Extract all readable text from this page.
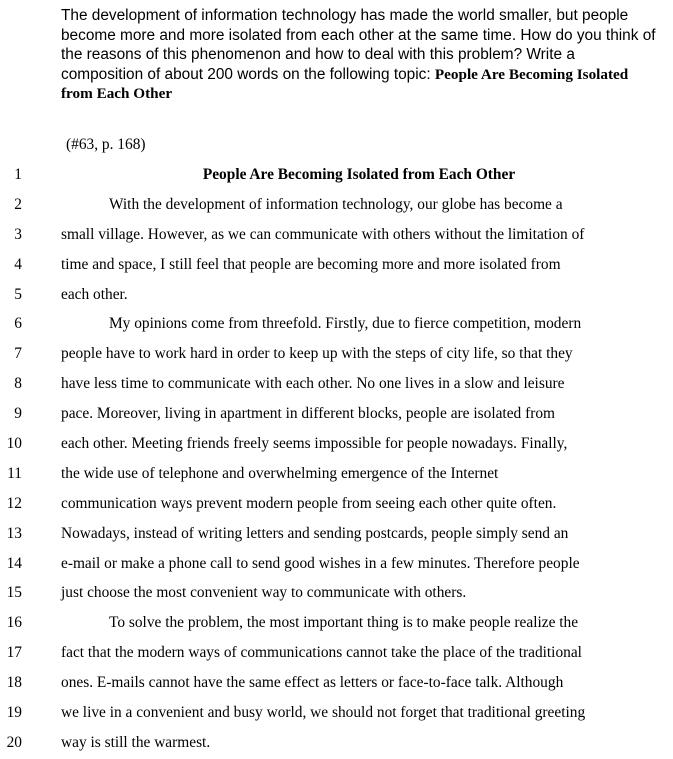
The development of information technology has made the world smaller, but people become more and more isolated from each other at the same time. How do you think of the reasons of this phenomenon and how to deal with this problem? Write a composition of about 200 words on the following topic: People Are Becoming Isolated from Each Other

(#63, p. 168)

1	People Are Becoming Isolated from Each Other
2	With the development of information technology, our globe has become a
3	small village. However, as we can communicate with others without the limitation of
4	time and space, I still feel that people are becoming more and more isolated from
5	each other.
6	My opinions come from threefold. Firstly, due to fierce competition, modern
7	people have to work hard in order to keep up with the steps of city life, so that they
8	have less time to communicate with each other. No one lives in a slow and leisure
9	pace. Moreover, living in apartment in different blocks, people are isolated from
10	each other. Meeting friends freely seems impossible for people nowadays. Finally,
11	the wide use of telephone and overwhelming emergence of the Internet
12	communication ways prevent modern people from seeing each other quite often.
13	Nowadays, instead of writing letters and sending postcards, people simply send an
14	e-mail or make a phone call to send good wishes in a few minutes. Therefore people
15	just choose the most convenient way to communicate with others.
16	To solve the problem, the most important thing is to make people realize the
17	fact that the modern ways of communications cannot take the place of the traditional
18	ones. E-mails cannot have the same effect as letters or face-to-face talk. Although
19	we live in a convenient and busy world, we should not forget that traditional greeting
20	way is still the warmest.
